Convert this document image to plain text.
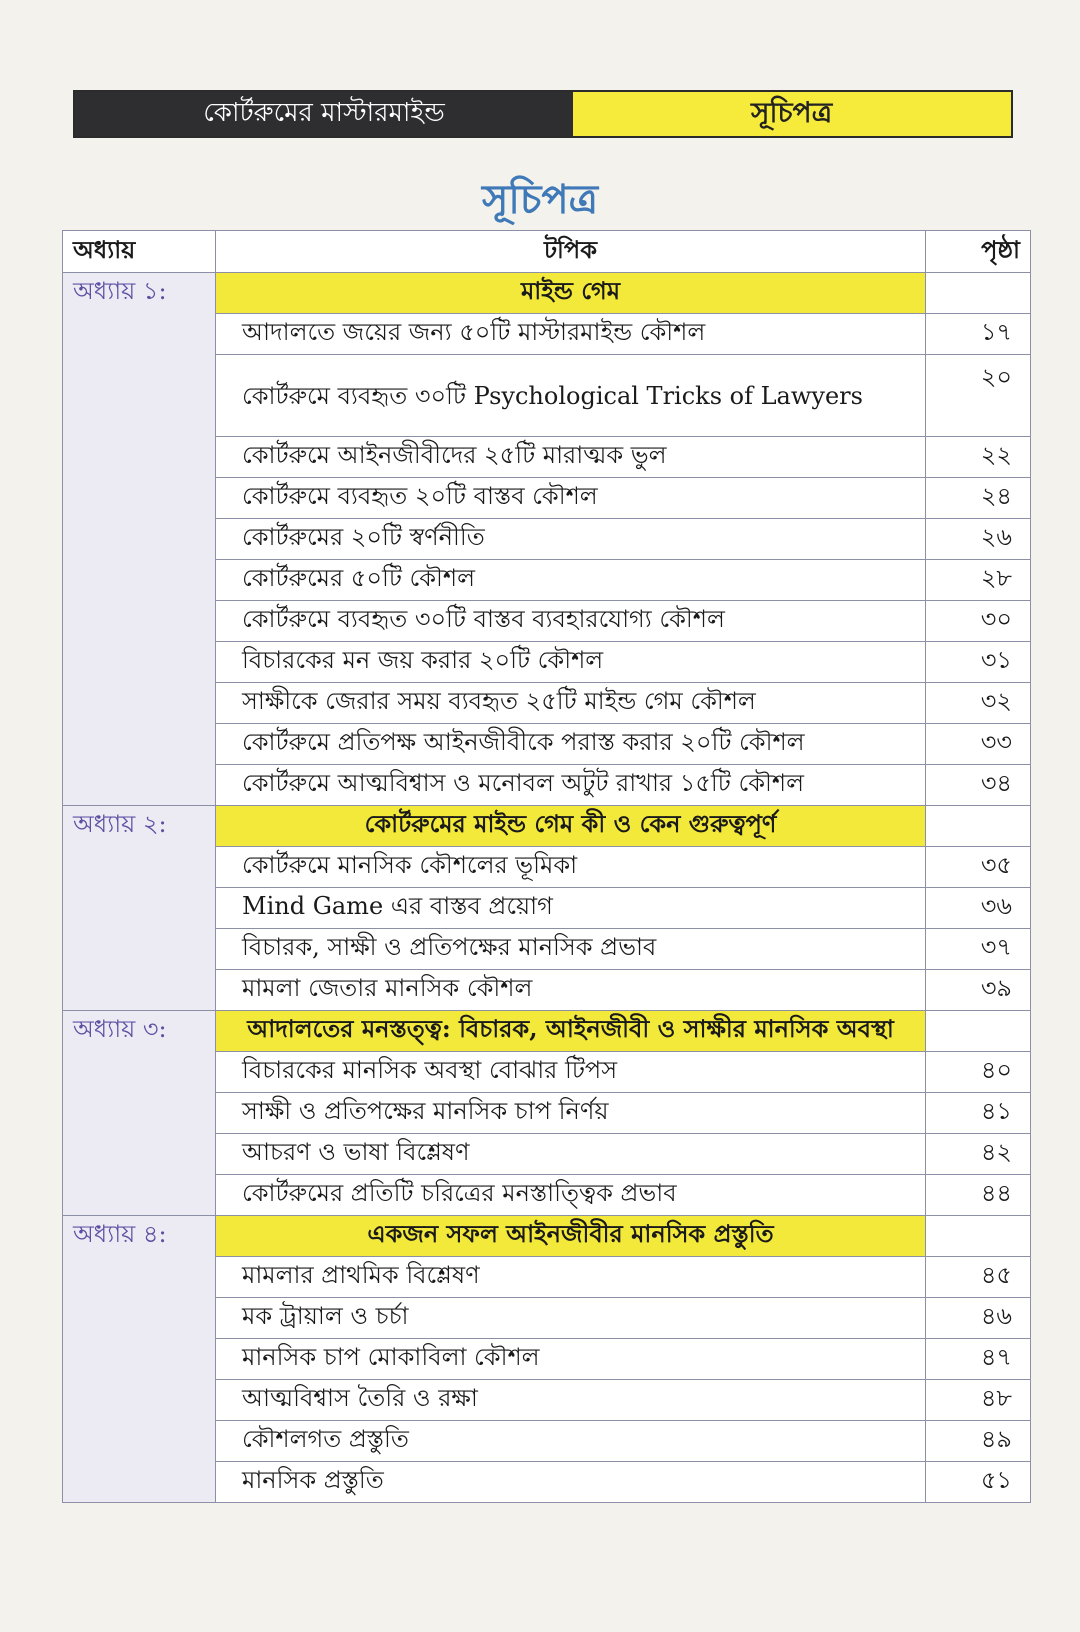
কোর্টরুমের মাস্টারমাইন্ড	সূচিপত্র
সূচিপত্র
অধ্যায়	টপিক	পৃষ্ঠা
অধ্যায় ১:	মাইন্ড গেম	
	আদালতে জয়ের জন্য ৫০টি মাস্টারমাইন্ড কৌশল	১৭
	কোর্টরুমে ব্যবহৃত ৩০টি Psychological Tricks of Lawyers	২০
	কোর্টরুমে আইনজীবীদের ২৫টি মারাত্মক ভুল	২২
	কোর্টরুমে ব্যবহৃত ২০টি বাস্তব কৌশল	২৪
	কোর্টরুমের ২০টি স্বর্ণনীতি	২৬
	কোর্টরুমের ৫০টি কৌশল	২৮
	কোর্টরুমে ব্যবহৃত ৩০টি বাস্তব ব্যবহারযোগ্য কৌশল	৩০
	বিচারকের মন জয় করার ২০টি কৌশল	৩১
	সাক্ষীকে জেরার সময় ব্যবহৃত ২৫টি মাইন্ড গেম কৌশল	৩২
	কোর্টরুমে প্রতিপক্ষ আইনজীবীকে পরাস্ত করার ২০টি কৌশল	৩৩
	কোর্টরুমে আত্মবিশ্বাস ও মনোবল অটুট রাখার ১৫টি কৌশল	৩৪
অধ্যায় ২:	কোর্টরুমের মাইন্ড গেম কী ও কেন গুরুত্বপূর্ণ	
	কোর্টরুমে মানসিক কৌশলের ভূমিকা	৩৫
	Mind Game এর বাস্তব প্রয়োগ	৩৬
	বিচারক, সাক্ষী ও প্রতিপক্ষের মানসিক প্রভাব	৩৭
	মামলা জেতার মানসিক কৌশল	৩৯
অধ্যায় ৩:	আদালতের মনস্তত্ত্ব: বিচারক, আইনজীবী ও সাক্ষীর মানসিক অবস্থা	
	বিচারকের মানসিক অবস্থা বোঝার টিপস	৪০
	সাক্ষী ও প্রতিপক্ষের মানসিক চাপ নির্ণয়	৪১
	আচরণ ও ভাষা বিশ্লেষণ	৪২
	কোর্টরুমের প্রতিটি চরিত্রের মনস্তাত্ত্বিক প্রভাব	৪৪
অধ্যায় ৪:	একজন সফল আইনজীবীর মানসিক প্রস্তুতি	
	মামলার প্রাথমিক বিশ্লেষণ	৪৫
	মক ট্রায়াল ও চর্চা	৪৬
	মানসিক চাপ মোকাবিলা কৌশল	৪৭
	আত্মবিশ্বাস তৈরি ও রক্ষা	৪৮
	কৌশলগত প্রস্তুতি	৪৯
	মানসিক প্রস্তুতি	৫১
